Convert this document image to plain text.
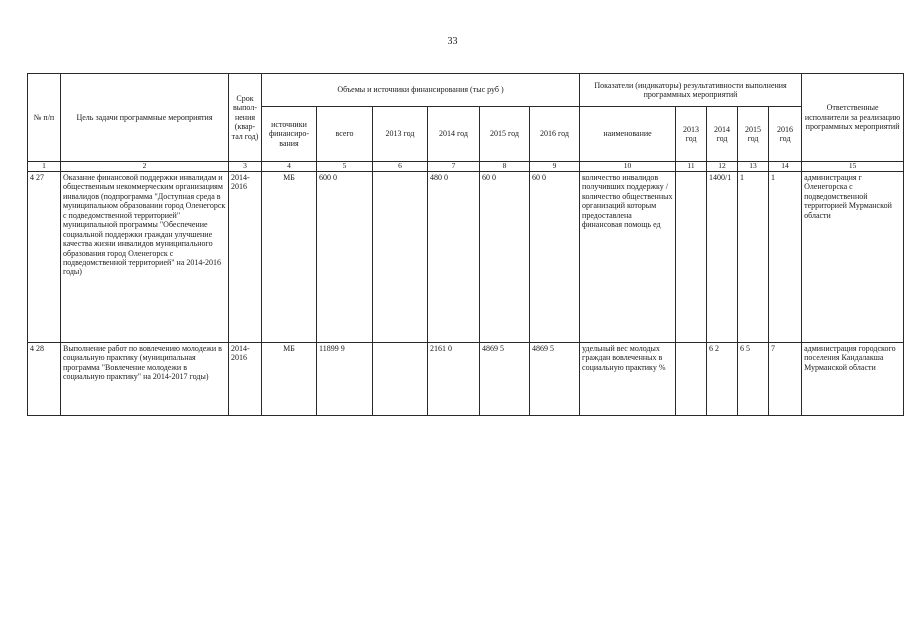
33
№ п/п	Цель задачи программные мероприятия	Срок выпол-нения (квар-тал год)	Объемы и источники финансирования (тыс руб )						Показатели (индикаторы) результативности выполнения программных мероприятий					Ответственные исполнители за реализацию программных мероприятий
			источники финансиро-вания	всего	2013 год	2014 год	2015 год	2016 год	наименование	2013 год	2014 год	2015 год	2016 год	
1	2	3	4	5	6	7	8	9	10	11	12	13	14	15
4 27	Оказание финансовой поддержки инвалидам и общественным некоммерческим организациям инвалидов (подпрограмма "Доступная среда в муниципальном образовании город Оленегорск с подведомственной территорией" муниципальной программы "Обеспечение социальной поддержки граждан улучшение качества жизни инвалидов муниципального образования город Оленегорск с подведомственной территорией" на 2014-2016 годы)	2014-2016	МБ	600 0		480 0	60 0	60 0	количество инвалидов получивших поддержку / количество общественных организаций которым предоставлена финансовая помощь ед		1400/1	1	1	администрация г Оленегорска с подведомственной территорией Мурманской области
4 28	Выполнение работ по вовлечению молодежи в социальную практику (муниципальная программа "Вовлечение молодежи в социальную практику" на 2014-2017 годы)	2014-2016	МБ	11899 9		2161 0	4869 5	4869 5	удельный вес молодых граждан вовлеченных в социальную практику %		6 2	6 5	7	администрация городского поселения Кандалакша Мурманской области
